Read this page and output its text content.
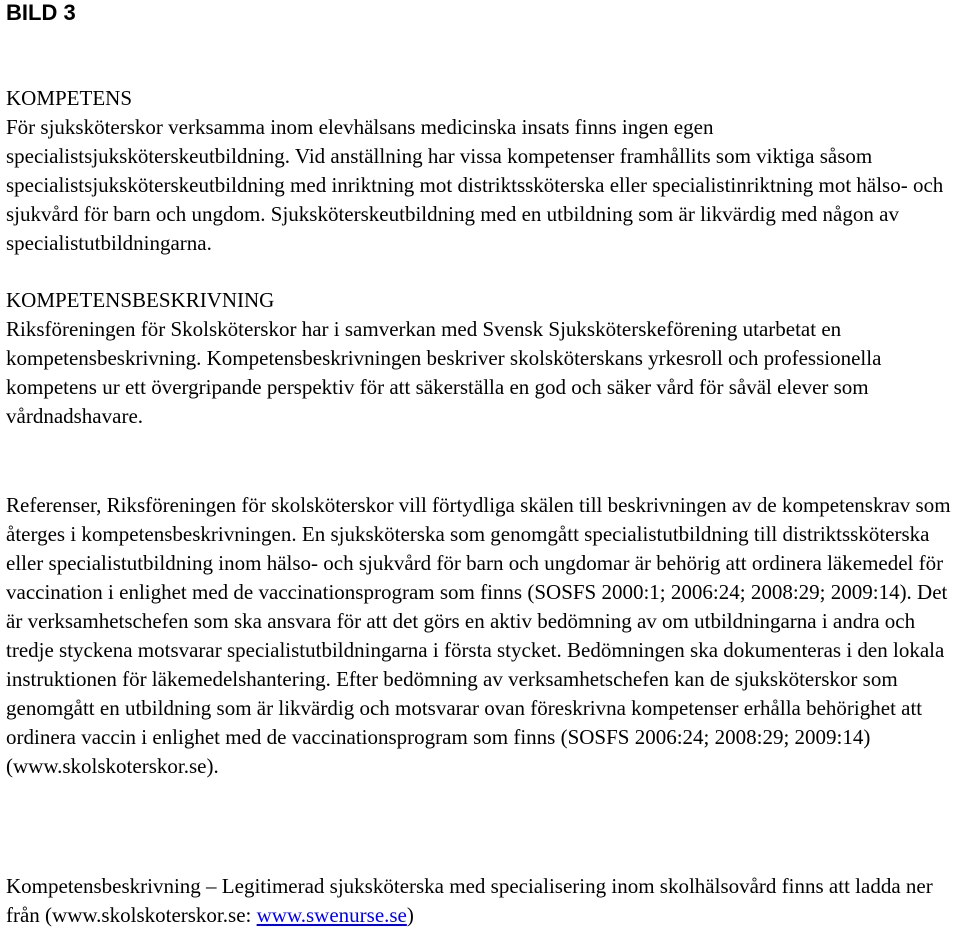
BILD 3
KOMPETENS

För sjuksköterskor verksamma inom elevhälsans medicinska insats finns ingen egen specialistsjuksköterskeutbildning. Vid anställning har vissa kompetenser framhållits som viktiga såsom specialistsjuksköterskeutbildning med inriktning mot distriktssköterska eller specialistinriktning mot hälso- och sjukvård för barn och ungdom. Sjuksköterskeutbildning med en utbildning som är likvärdig med någon av specialistutbildningarna.

KOMPETENSBESKRIVNING

Riksföreningen för Skolsköterskor har i samverkan med Svensk Sjuksköterskeförening utarbetat en kompetensbeskrivning. Kompetensbeskrivningen beskriver skolsköterskans yrkesroll och professionella kompetens ur ett övergripande perspektiv för att säkerställa en god och säker vård för såväl elever som vårdnadshavare.

Referenser, Riksföreningen för skolsköterskor vill förtydliga skälen till beskrivningen av de kompetenskrav som återges i kompetensbeskrivningen. En sjuksköterska som genomgått specialistutbildning till distriktssköterska eller specialistutbildning inom hälso- och sjukvård för barn och ungdomar är behörig att ordinera läkemedel för vaccination i enlighet med de vaccinationsprogram som finns (SOSFS 2000:1; 2006:24; 2008:29; 2009:14). Det är verksamhetschefen som ska ansvara för att det görs en aktiv bedömning av om utbildningarna i andra och tredje styckena motsvarar specialistutbildningarna i första stycket. Bedömningen ska dokumenteras i den lokala instruktionen för läkemedelshantering. Efter bedömning av verksamhetschefen kan de sjuksköterskor som genomgått en utbildning som är likvärdig och motsvarar ovan föreskrivna kompetenser erhålla behörighet att ordinera vaccin i enlighet med de vaccinationsprogram som finns (SOSFS 2006:24; 2008:29; 2009:14) (www.skolskoterskor.se).

Kompetensbeskrivning – Legitimerad sjuksköterska med specialisering inom skolhälsovård finns att ladda ner från (www.skolskoterskor.se: www.swenurse.se)
